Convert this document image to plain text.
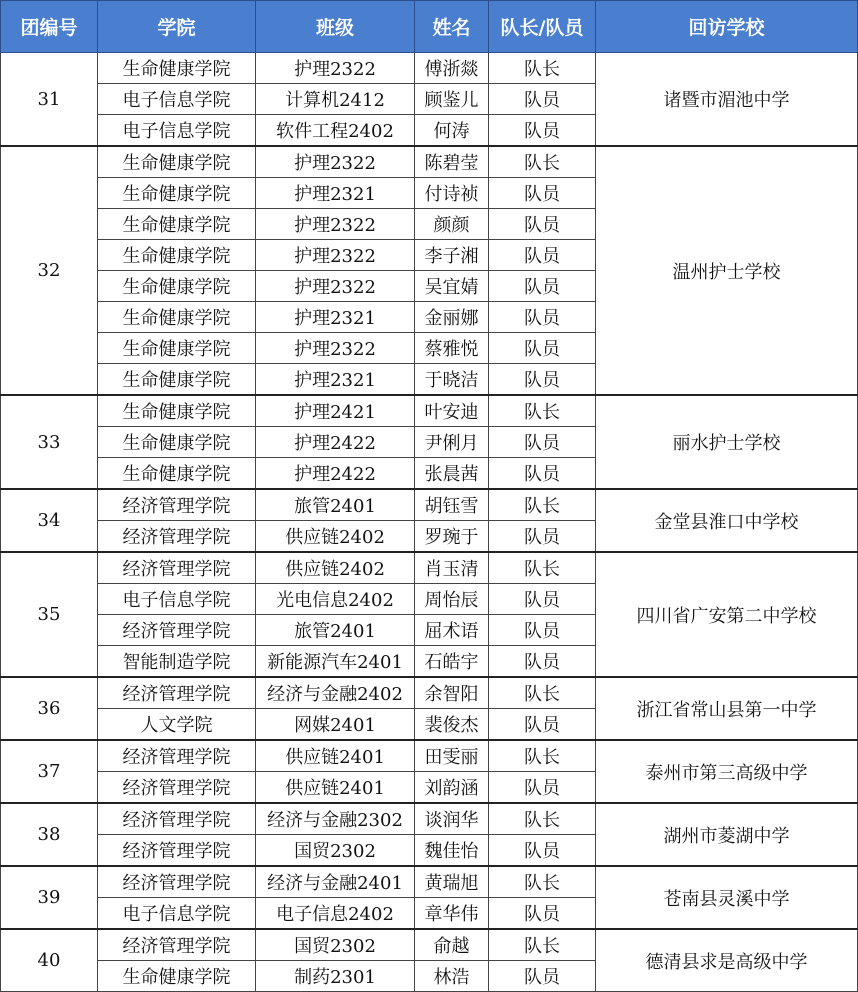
团编号	学院	班级	姓名	队长/队员	回访学校
31	生命健康学院	护理2322	傅浙燚	队长	诸暨市湄池中学
	电子信息学院	计算机2412	顾鉴儿	队员	
	电子信息学院	软件工程2402	何涛	队员	
32	生命健康学院	护理2322	陈碧莹	队长	温州护士学校
	生命健康学院	护理2321	付诗祯	队员	
	生命健康学院	护理2322	颜颜	队员	
	生命健康学院	护理2322	李子湘	队员	
	生命健康学院	护理2322	吴宜婧	队员	
	生命健康学院	护理2321	金丽娜	队员	
	生命健康学院	护理2322	蔡雅悦	队员	
	生命健康学院	护理2321	于晓洁	队员	
33	生命健康学院	护理2421	叶安迪	队长	丽水护士学校
	生命健康学院	护理2422	尹俐月	队员	
	生命健康学院	护理2422	张晨茜	队员	
34	经济管理学院	旅管2401	胡钰雪	队长	金堂县淮口中学校
	经济管理学院	供应链2402	罗琬于	队员	
35	经济管理学院	供应链2402	肖玉清	队长	四川省广安第二中学校
	电子信息学院	光电信息2402	周怡辰	队员	
	经济管理学院	旅管2401	屈术语	队员	
	智能制造学院	新能源汽车2401	石皓宇	队员	
36	经济管理学院	经济与金融2402	余智阳	队长	浙江省常山县第一中学
	人文学院	网媒2401	裴俊杰	队员	
37	经济管理学院	供应链2401	田雯丽	队长	泰州市第三高级中学
	经济管理学院	供应链2401	刘韵涵	队员	
38	经济管理学院	经济与金融2302	谈润华	队长	湖州市菱湖中学
	经济管理学院	国贸2302	魏佳怡	队员	
39	经济管理学院	经济与金融2401	黄瑞旭	队长	苍南县灵溪中学
	电子信息学院	电子信息2402	章华伟	队员	
40	经济管理学院	国贸2302	俞越	队长	德清县求是高级中学
	生命健康学院	制药2301	林浩	队员	
